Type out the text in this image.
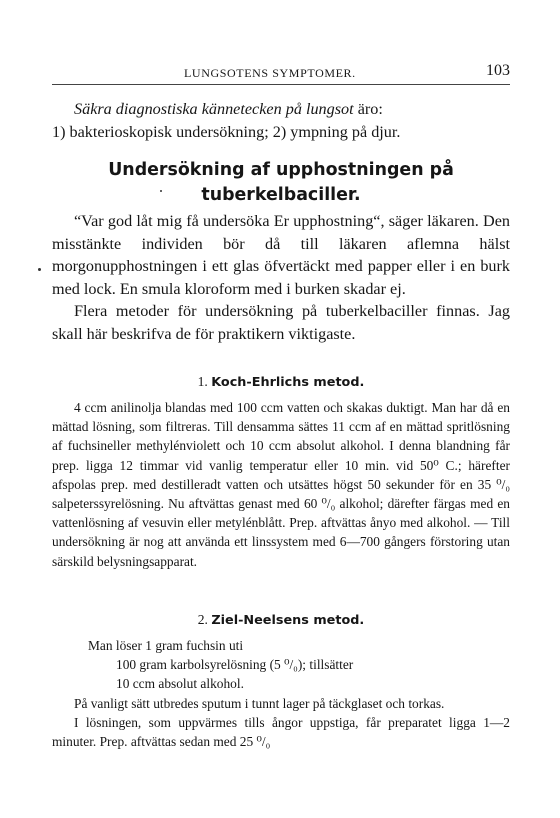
LUNGSOTENS SYMPTOMER.	103
Säkra diagnostiska kännetecken på lungsot äro:
1) bakterioskopisk undersökning; 2) ympning på djur.
Undersökning af upphostningen på tuberkelbaciller.

“Var god låt mig få undersöka Er upphostning“, säger läkaren. Den misstänkte individen bör då till läkaren aflemna hälst morgonupphostningen i ett glas öfvertäckt med papper eller i en burk med lock. En smula kloroform med i burken skadar ej.

Flera metoder för undersökning på tuberkelbaciller finnas. Jag skall här beskrifva de för praktikern viktigaste.

1. Koch-Ehrlichs metod.

4 ccm anilinolja blandas med 100 ccm vatten och skakas duktigt. Man har då en mättad lösning, som filtreras. Till densamma sättes 11 ccm af en mättad spritlösning af fuchsineller methylénviolett och 10 ccm absolut alkohol. I denna blandning får prep. ligga 12 timmar vid vanlig temperatur eller 10 min. vid 50⁰ C.; härefter afspolas prep. med destilleradt vatten och utsättes högst 50 sekunder för en 35 ⁰/₀ salpeterssyrelösning. Nu aftvättas genast med 60 ⁰/₀ alkohol; därefter färgas med en vattenlösning af vesuvin eller metylénblått. Prep. aftvättas ånyo med alkohol. — Till undersökning är nog att använda ett linssystem med 6—700 gångers förstoring utan särskild belysningsapparat.

2. Ziel-Neelsens metod.
Man löser 1 gram fuchsin uti
100 gram karbolsyrelösning (5 ⁰/₀); tillsätter
10 ccm absolut alkohol.

På vanligt sätt utbredes sputum i tunnt lager på täckglaset och torkas.

I lösningen, som uppvärmes tills ångor uppstiga, får preparatet ligga 1—2 minuter. Prep. aftvättas sedan med 25 ⁰/₀
